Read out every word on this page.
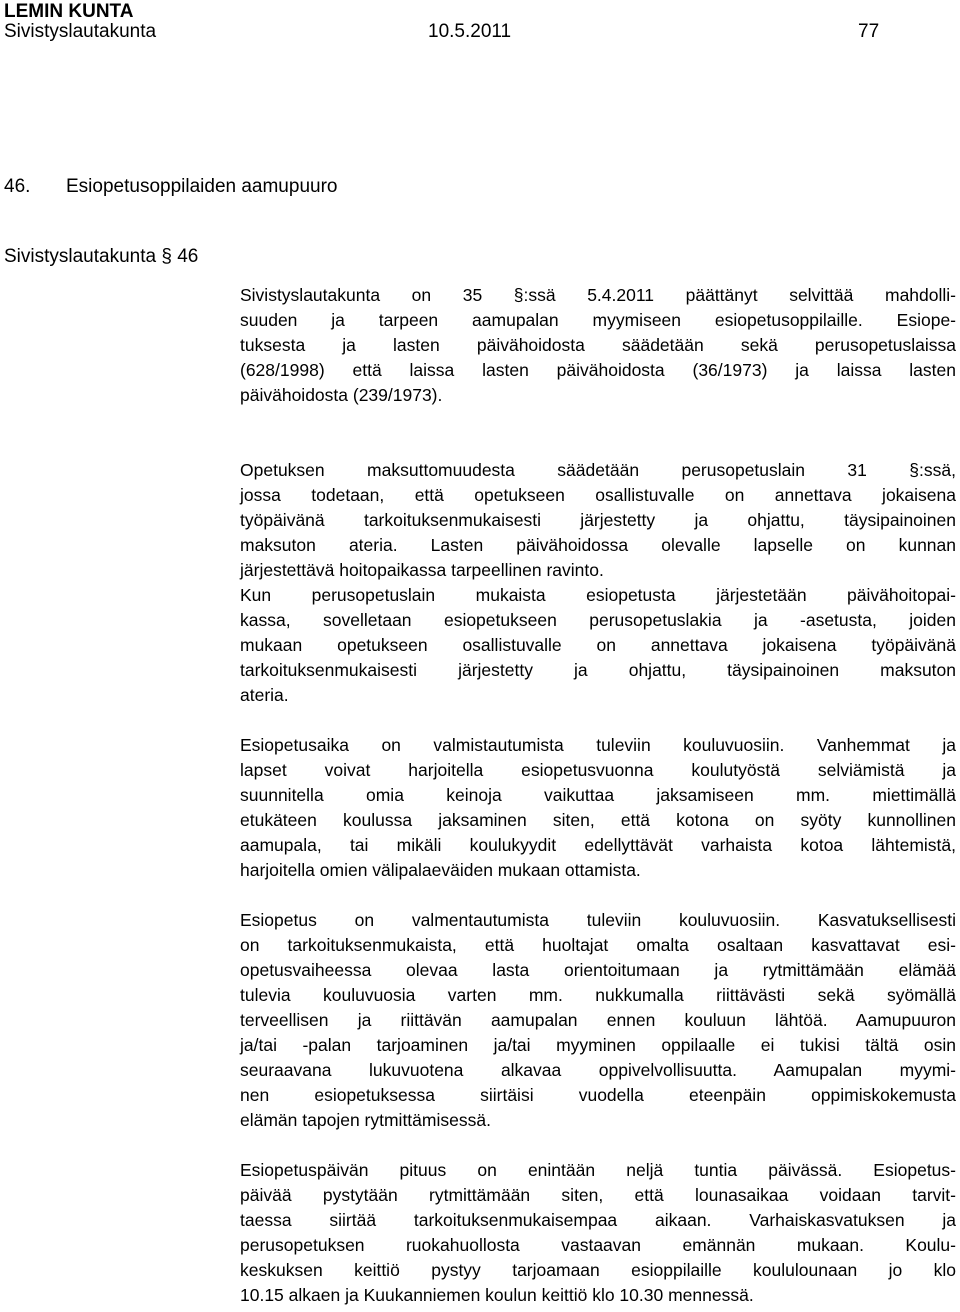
LEMIN KUNTA
Sivistyslautakunta	10.5.2011	77
46. Esiopetusoppilaiden aamupuuro
Sivistyslautakunta § 46
Sivistyslautakunta on 35 §:ssä 5.4.2011 päättänyt selvittää mahdolli-
suuden ja tarpeen aamupalan myymiseen esiopetusoppilaille. Esiope-
tuksesta ja lasten päivähoidosta säädetään sekä perusopetuslaissa
(628/1998) että laissa lasten päivähoidosta (36/1973) ja laissa lasten
päivähoidosta (239/1973).
Opetuksen maksuttomuudesta säädetään perusopetuslain 31 §:ssä,
jossa todetaan, että opetukseen osallistuvalle on annettava jokaisena
työpäivänä tarkoituksenmukaisesti järjestetty ja ohjattu, täysipainoinen
maksuton ateria. Lasten päivähoidossa olevalle lapselle on kunnan
järjestettävä hoitopaikassa tarpeellinen ravinto.
Kun perusopetuslain mukaista esiopetusta järjestetään päivähoitopai-
kassa, sovelletaan esiopetukseen perusopetuslakia ja -asetusta, joiden
mukaan opetukseen osallistuvalle on annettava jokaisena työpäivänä
tarkoituksenmukaisesti järjestetty ja ohjattu, täysipainoinen maksuton
ateria.
Esiopetusaika on valmistautumista tuleviin kouluvuosiin. Vanhemmat ja
lapset voivat harjoitella esiopetusvuonna koulutyöstä selviämistä ja
suunnitella omia keinoja vaikuttaa jaksamiseen mm. miettimällä
etukäteen koulussa jaksaminen siten, että kotona on syöty kunnollinen
aamupala, tai mikäli koulukyydit edellyttävät varhaista kotoa lähtemistä,
harjoitella omien välipalaeväiden mukaan ottamista.
Esiopetus on valmentautumista tuleviin kouluvuosiin. Kasvatuksellisesti
on tarkoituksenmukaista, että huoltajat omalta osaltaan kasvattavat esi-
opetusvaiheessa olevaa lasta orientoitumaan ja rytmittämään elämää
tulevia kouluvuosia varten mm. nukkumalla riittävästi sekä syömällä
terveellisen ja riittävän aamupalan ennen kouluun lähtöä. Aamupuuron
ja/tai -palan tarjoaminen ja/tai myyminen oppilaalle ei tukisi tältä osin
seuraavana lukuvuotena alkavaa oppivelvollisuutta. Aamupalan myymi-
nen esiopetuksessa siirtäisi vuodella eteenpäin oppimiskokemusta
elämän tapojen rytmittämisessä.
Esiopetuspäivän pituus on enintään neljä tuntia päivässä. Esiopetus-
päivää pystytään rytmittämään siten, että lounasaikaa voidaan tarvit-
taessa siirtää tarkoituksenmukaisempaa aikaan. Varhaiskasvatuksen ja
perusopetuksen ruokahuollosta vastaavan emännän mukaan. Koulu-
keskuksen keittiö pystyy tarjoamaan esioppilaille koululounaan jo klo
10.15 alkaen ja Kuukanniemen koulun keittiö klo 10.30 mennessä.
